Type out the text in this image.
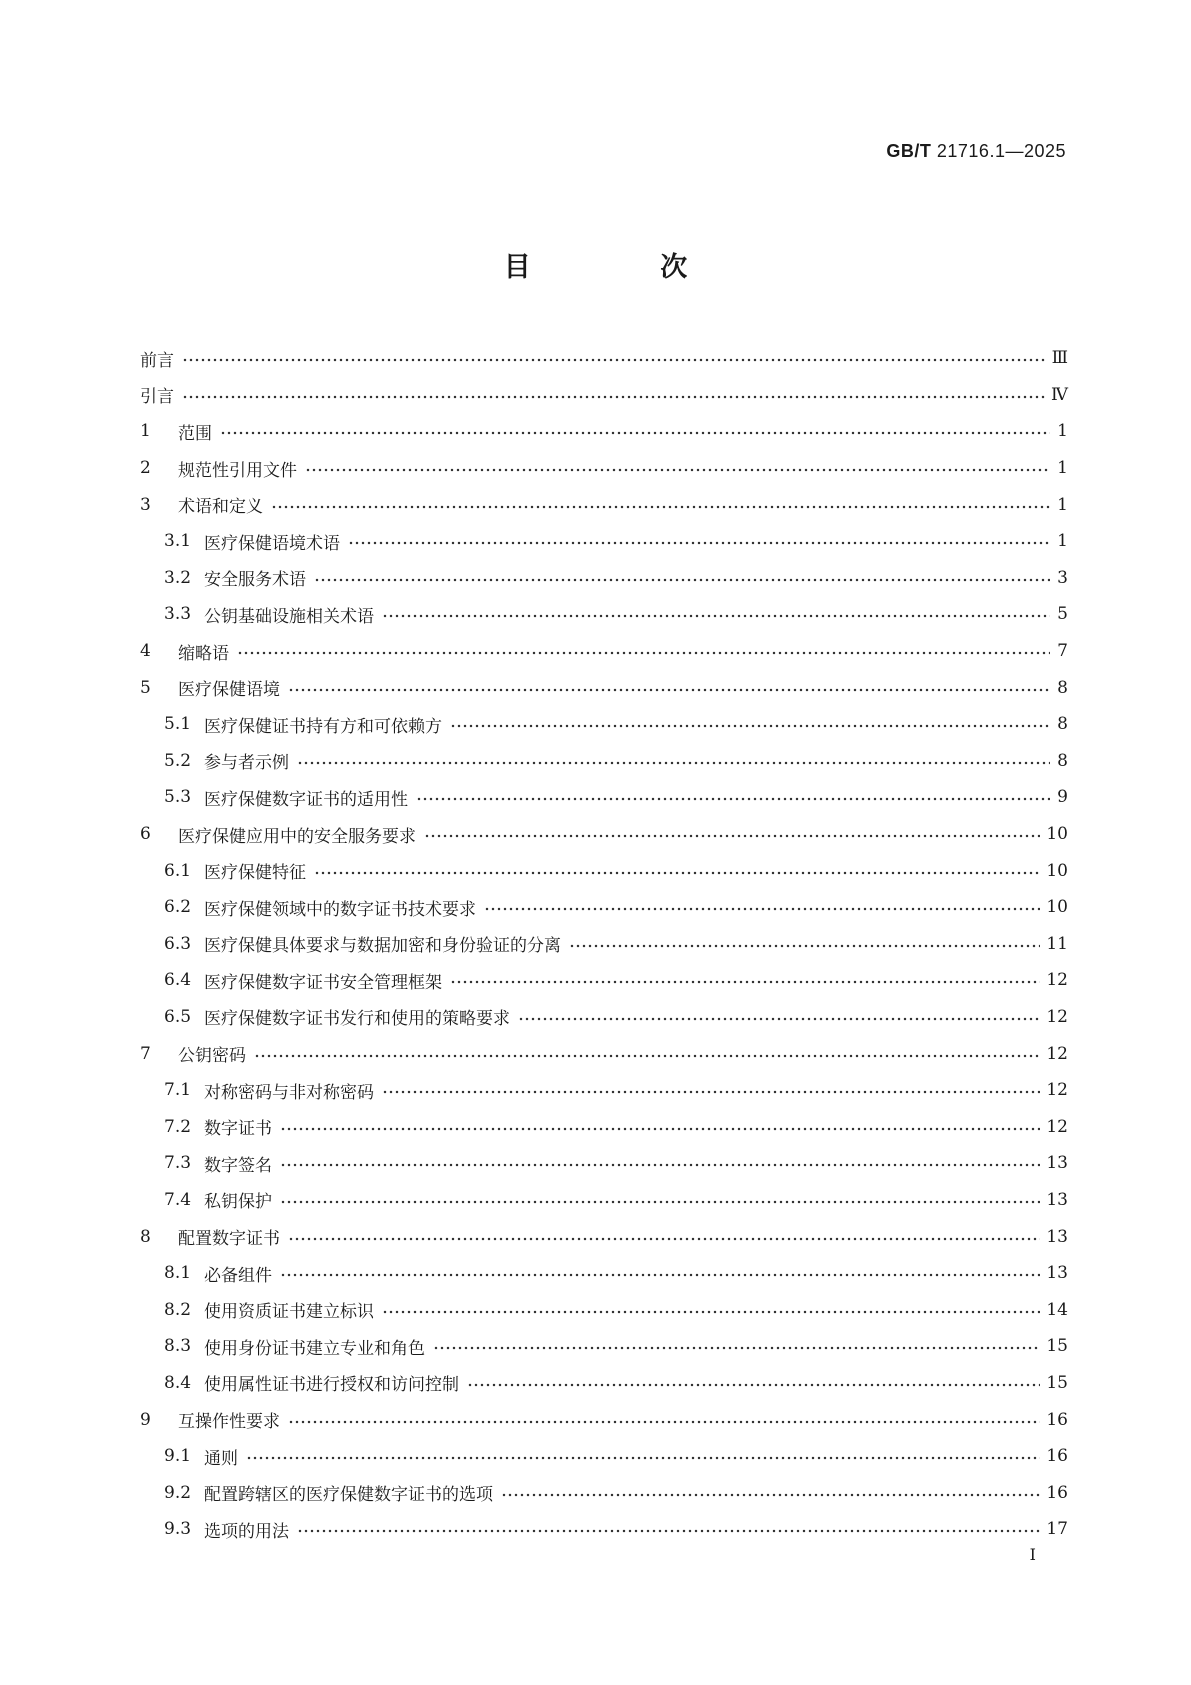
GB/T 21716.1—2025
目 次
前言	Ⅲ
引言	Ⅳ
1	范围	1
2	规范性引用文件	1
3	术语和定义	1
3.1 医疗保健语境术语	1
3.2 安全服务术语	3
3.3 公钥基础设施相关术语	5
4	缩略语	7
5	医疗保健语境	8
5.1 医疗保健证书持有方和可依赖方	8
5.2 参与者示例	8
5.3 医疗保健数字证书的适用性	9
6	医疗保健应用中的安全服务要求	10
6.1 医疗保健特征	10
6.2 医疗保健领域中的数字证书技术要求	10
6.3 医疗保健具体要求与数据加密和身份验证的分离	11
6.4 医疗保健数字证书安全管理框架	12
6.5 医疗保健数字证书发行和使用的策略要求	12
7	公钥密码	12
7.1 对称密码与非对称密码	12
7.2 数字证书	12
7.3 数字签名	13
7.4 私钥保护	13
8	配置数字证书	13
8.1 必备组件	13
8.2 使用资质证书建立标识	14
8.3 使用身份证书建立专业和角色	15
8.4 使用属性证书进行授权和访问控制	15
9	互操作性要求	16
9.1 通则	16
9.2 配置跨辖区的医疗保健数字证书的选项	16
9.3 选项的用法	17
I
